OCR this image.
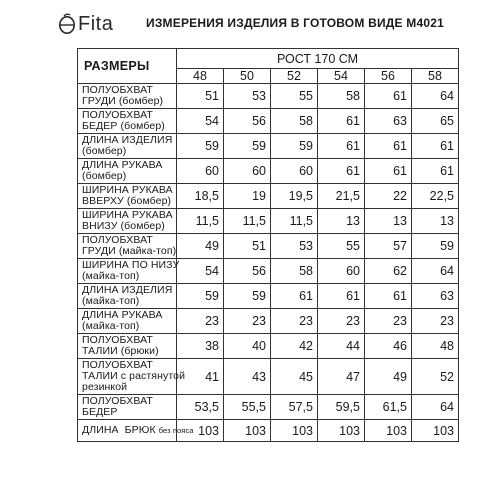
Fita	ИЗМЕРЕНИЯ ИЗДЕЛИЯ В ГОТОВОМ ВИДЕ М4021
РАЗМЕРЫ	РОСТ 170 СМ					
	48	50	52	54	56	58

ПОЛУОБХВАТ
ГРУДИ (бомбер)	51	53	55	58	61	64

ПОЛУОБХВАТ
БЕДЕР (бомбер)	54	56	58	61	63	65

ДЛИНА ИЗДЕЛИЯ
(бомбер)	59	59	59	61	61	61

ДЛИНА РУКАВА
(бомбер)	60	60	60	61	61	61

ШИРИНА РУКАВА
ВВЕРХУ (бомбер)	18,5	19	19,5	21,5	22	22,5

ШИРИНА РУКАВА
ВНИЗУ (бомбер)	11,5	11,5	11,5	13	13	13

ПОЛУОБХВАТ
ГРУДИ (майка-топ)	49	51	53	55	57	59

ШИРИНА ПО НИЗУ
(майка-топ)	54	56	58	60	62	64

ДЛИНА ИЗДЕЛИЯ
(майка-топ)	59	59	61	61	61	63

ДЛИНА РУКАВА
(майка-топ)	23	23	23	23	23	23

ПОЛУОБХВАТ
ТАЛИИ (брюки)	38	40	42	44	46	48

ПОЛУОБХВАТ
ТАЛИИ с растянутой
резинкой	41	43	45	47	49	52

ПОЛУОБХВАТ
БЕДЕР	53,5	55,5	57,5	59,5	61,5	64

ДЛИНА  БРЮК без пояса	103	103	103	103	103	103
